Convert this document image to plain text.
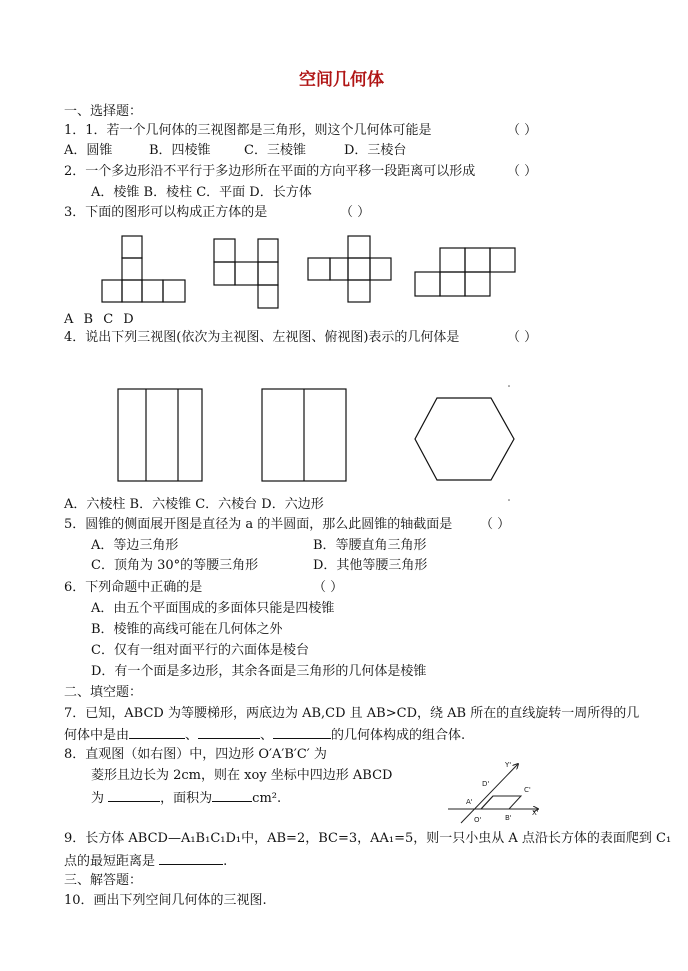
空间几何体
一、选择题：
1．1．若一个几何体的三视图都是三角形，则这个几何体可能是	（ ）
A．圆锥	B．四棱锥	C．三棱锥	D．三棱台
2．一个多边形沿不平行于多边形所在平面的方向平移一段距离可以形成 （ ）
A．棱锥 B．棱柱 C．平面 D．长方体
3．下面的图形可以构成正方体的是	（ ）
A B C D
4．说出下列三视图(依次为主视图、左视图、俯视图)表示的几何体是	（ ）
A．六棱柱 B．六棱锥 C．六棱台 D．六边形
5．圆锥的侧面展开图是直径为 a 的半圆面，那么此圆锥的轴截面是 （ ）
A．等边三角形	B．等腰直角三角形
C．顶角为 30°的等腰三角形	D．其他等腰三角形
6．下列命题中正确的是	（ ）
A．由五个平面围成的多面体只能是四棱锥
B．棱锥的高线可能在几何体之外
C．仅有一组对面平行的六面体是棱台
D．有一个面是多边形，其余各面是三角形的几何体是棱锥
二、填空题：
7．已知，ABCD 为等腰梯形，两底边为 AB,CD 且 AB>CD，绕 AB 所在的直线旋转一周所得的几
何体中是由	、	、	的几何体构成的组合体.
8．直观图（如右图）中，四边形 O′A′B′C′ 为
菱形且边长为 2cm，则在 xoy 坐标中四边形 ABCD
为	，面积为	cm².
Y'
D'
C'
A'
X'
O'	B'
9．长方体 ABCD—A₁B₁C₁D₁中，AB=2，BC=3，AA₁=5，则一只小虫从 A 点沿长方体的表面爬到 C₁
点的最短距离是	.
三、解答题：
10．画出下列空间几何体的三视图.
